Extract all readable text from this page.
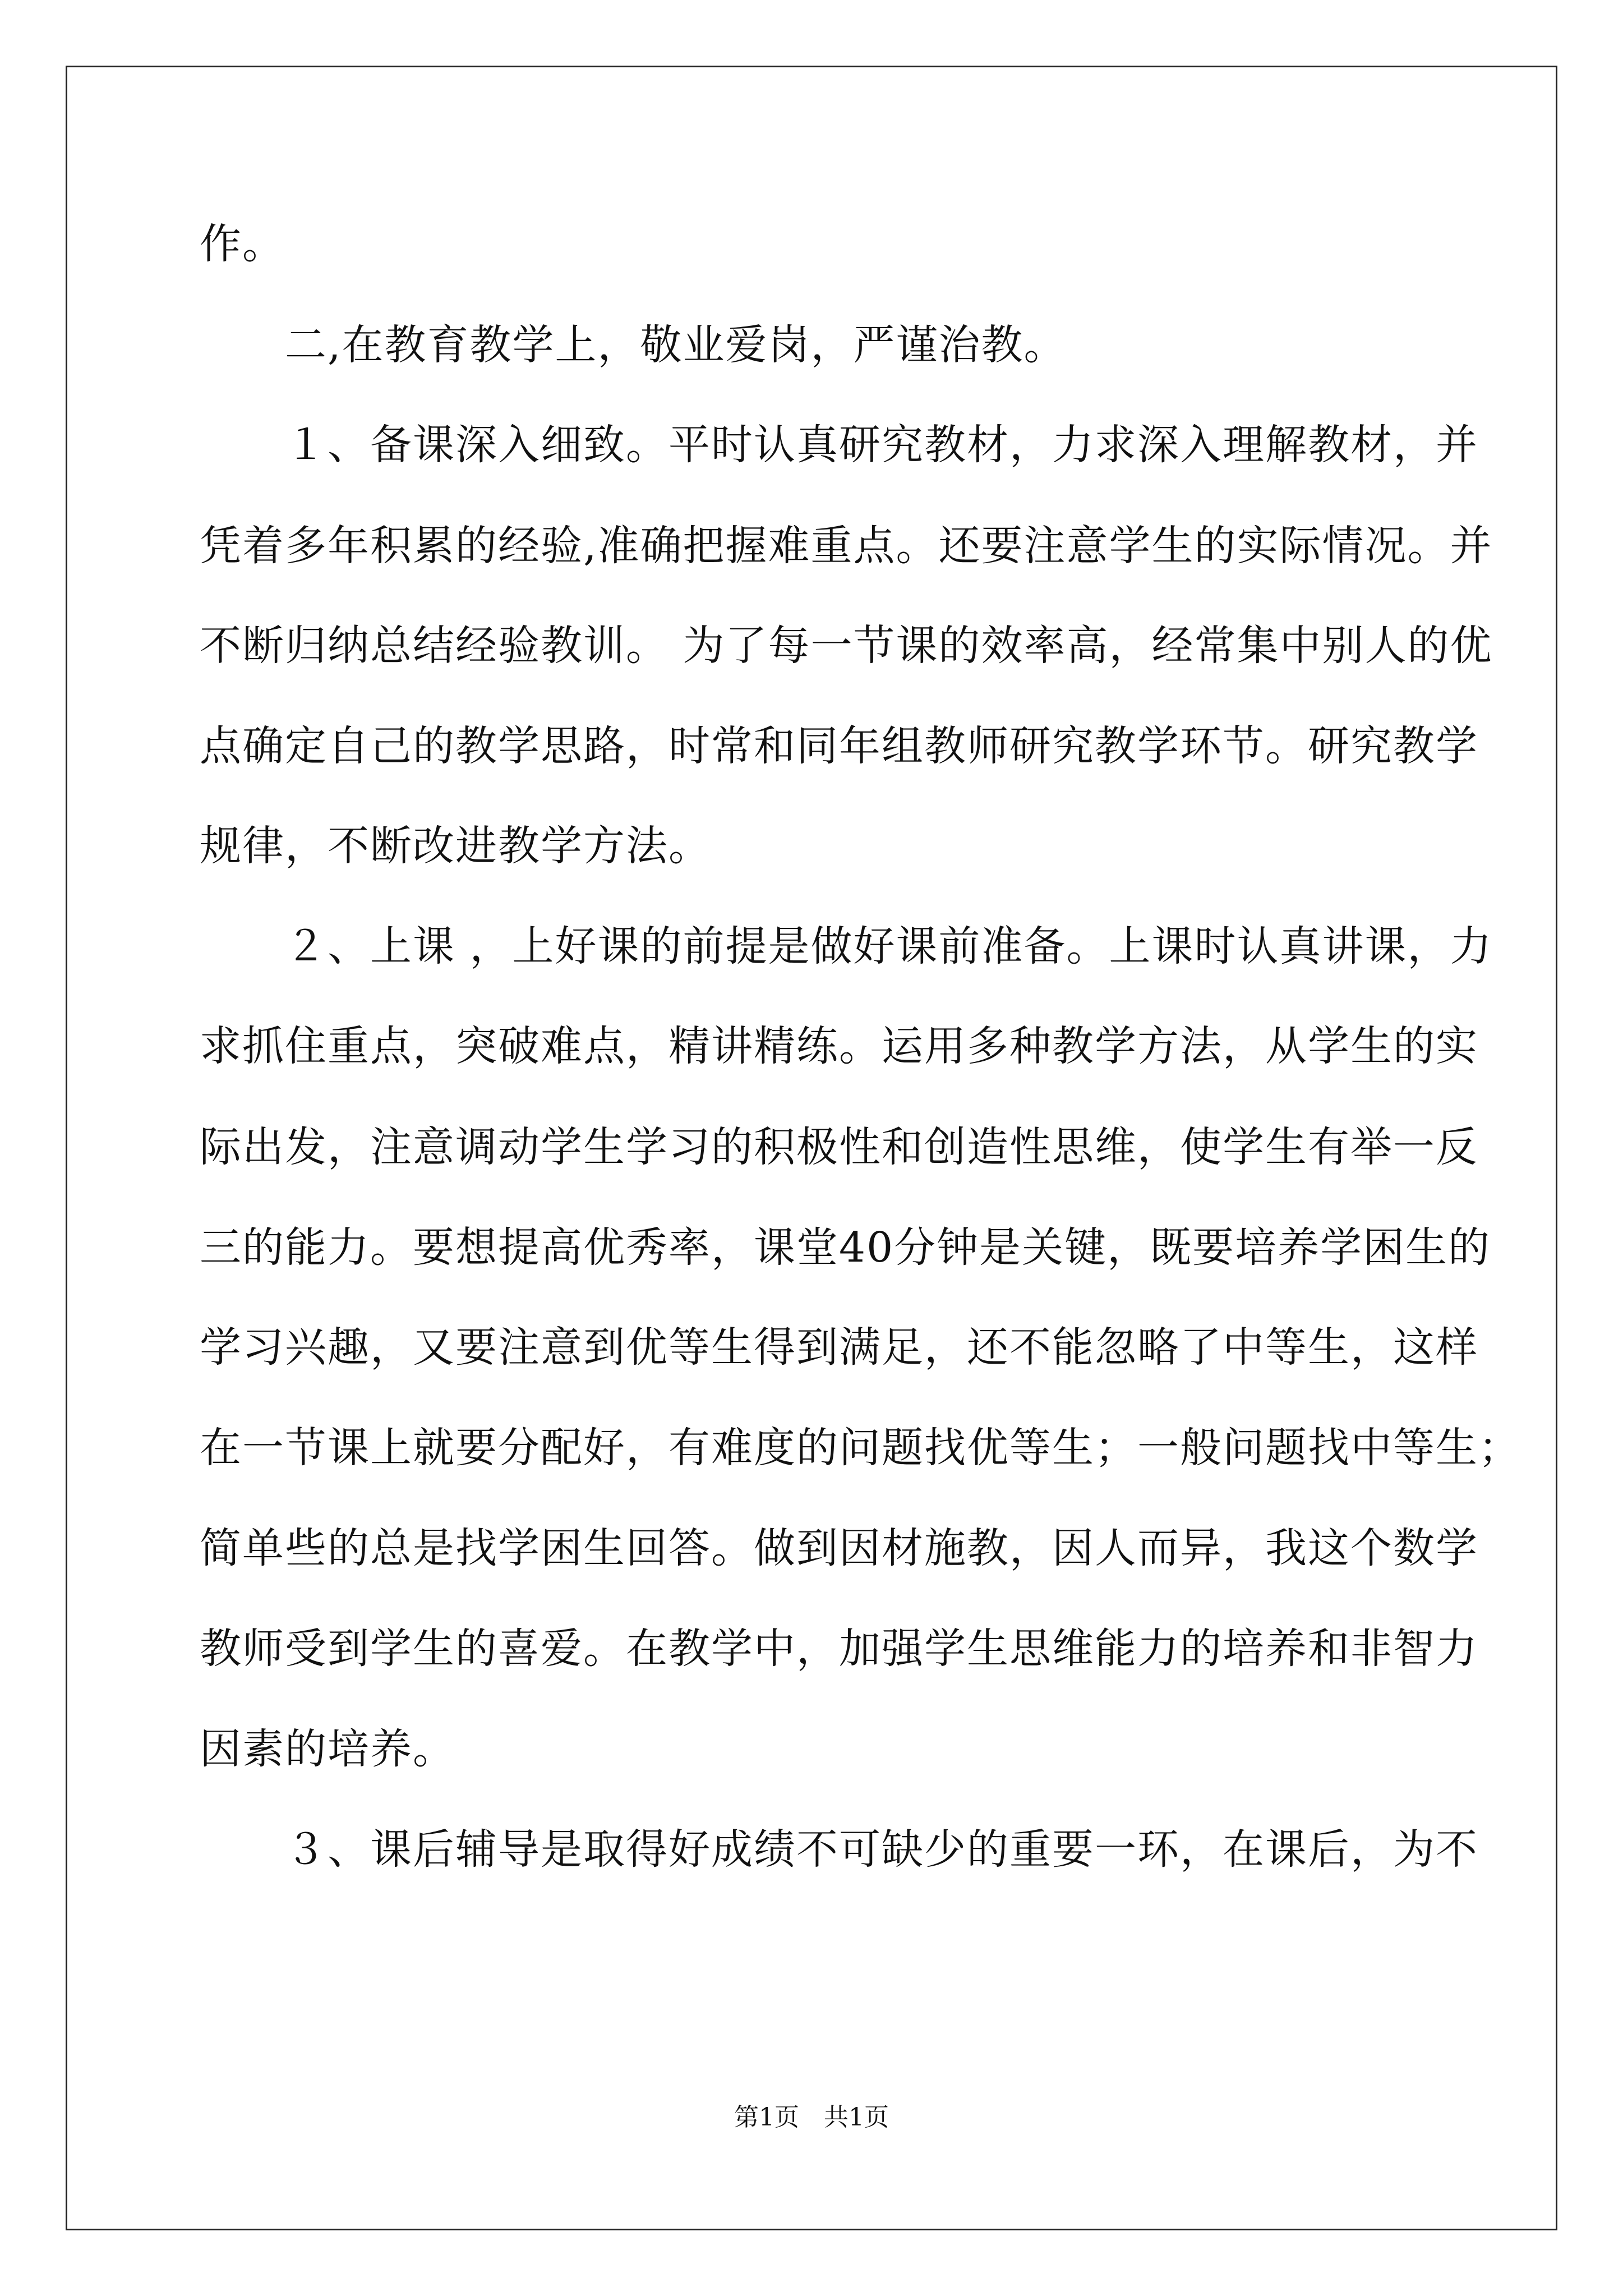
作。
　　二,在教育教学上，敬业爱岗，严谨治教。
　　１、备课深入细致。平时认真研究教材，力求深入理解教材，并
凭着多年积累的经验,准确把握难重点。还要注意学生的实际情况。并
不断归纳总结经验教训。 为了每一节课的效率高，经常集中别人的优
点确定自己的教学思路，时常和同年组教师研究教学环节。研究教学
规律，不断改进教学方法。
　　２、上课 ，上好课的前提是做好课前准备。上课时认真讲课，力
求抓住重点，突破难点，精讲精练。运用多种教学方法，从学生的实
际出发，注意调动学生学习的积极性和创造性思维，使学生有举一反
三的能力。要想提高优秀率，课堂40分钟是关键，既要培养学困生的
学习兴趣，又要注意到优等生得到满足，还不能忽略了中等生，这样
在一节课上就要分配好，有难度的问题找优等生；一般问题找中等生；
简单些的总是找学困生回答。做到因材施教，因人而异，我这个数学
教师受到学生的喜爱。在教学中，加强学生思维能力的培养和非智力
因素的培养。
　　３、课后辅导是取得好成绩不可缺少的重要一环，在课后，为不
第1页　共1页
